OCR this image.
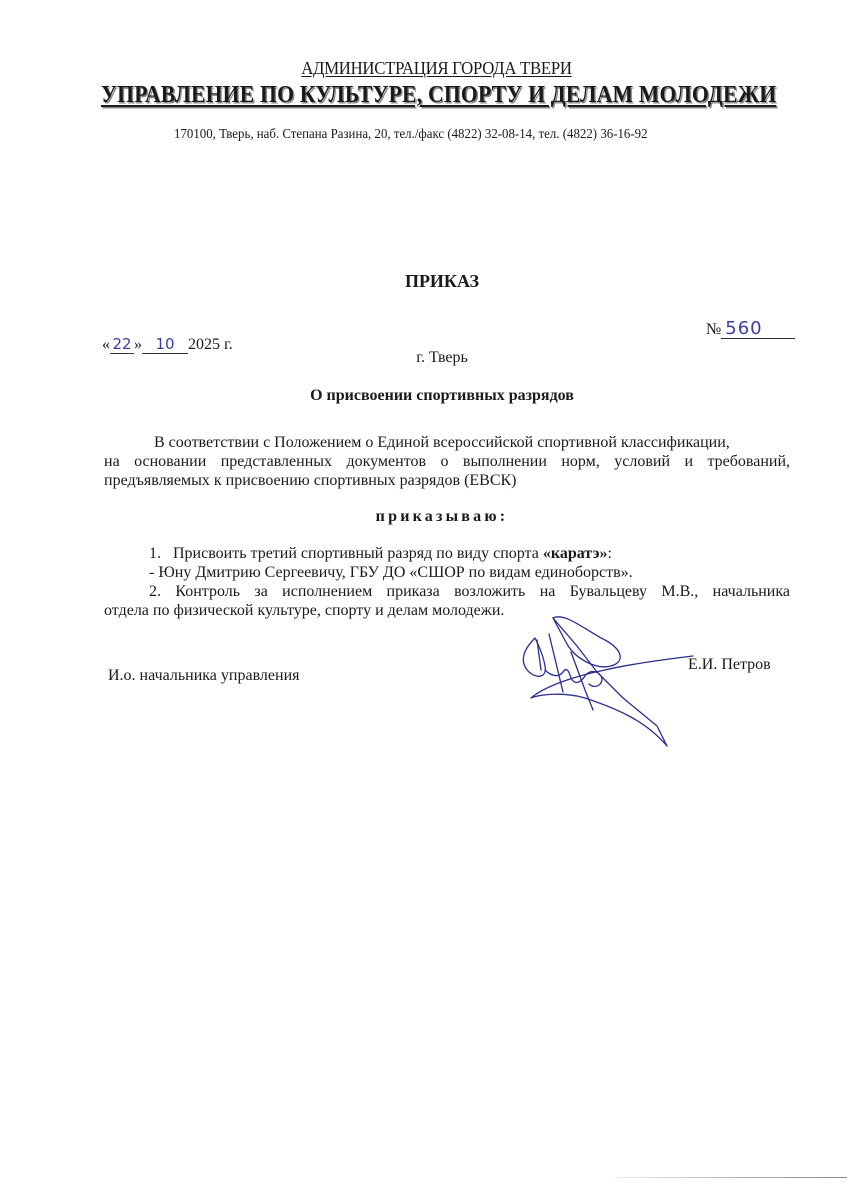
АДМИНИСТРАЦИЯ ГОРОДА ТВЕРИ
УПРАВЛЕНИЕ ПО КУЛЬТУРЕ, СПОРТУ И ДЕЛАМ МОЛОДЕЖИ
170100, Тверь, наб. Степана Разина, 20, тел./факс (4822) 32-08-14, тел. (4822) 36-16-92
ПРИКАЗ
« 22 » 10 2025 г.
№ 560
г. Тверь
О присвоении спортивных разрядов
В соответствии с Положением о Единой всероссийской спортивной классификации,
на основании представленных документов о выполнении норм, условий и требований,
предъявляемых к присвоению спортивных разрядов (ЕВСК)
приказываю:
1.   Присвоить третий спортивный разряд по виду спорта «каратэ»:
- Юну Дмитрию Сергеевичу, ГБУ ДО «СШОР по видам единоборств».
2. Контроль за исполнением приказа возложить на Бувальцеву М.В., начальника
отдела по физической культуре, спорту и делам молодежи.
И.о. начальника управления
Е.И. Петров
